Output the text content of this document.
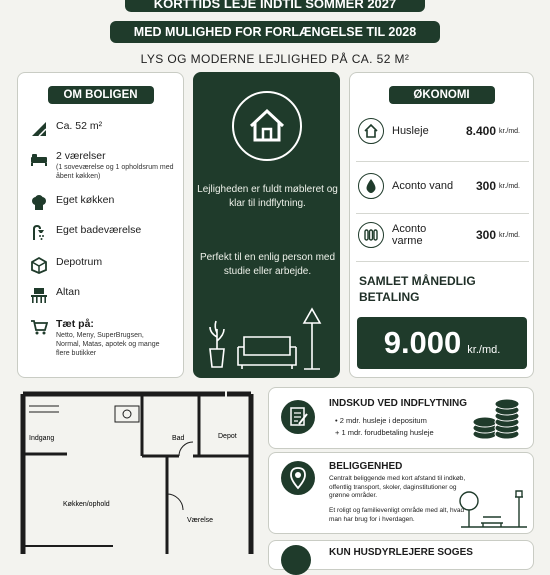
KORTTIDS LEJE INDTIL SOMMER 2027
MED MULIGHED FOR FORLÆNGELSE TIL 2028
LYS OG MODERNE LEJLIGHED PÅ CA. 52 M²
OM BOLIGEN
Ca. 52 m²
2 værelser
(1 soveværelse og 1 opholdsrum med åbent køkken)
Eget køkken
Eget badeværelse
Depotrum
Altan
Tæt på:
Netto, Meny, SuperBrugsen, Normal, Matas, apotek og mange flere butikker
Lejligheden er fuldt møbleret og klar til indflytning.
Perfekt til en enlig person med studie eller arbejde.
ØKONOMI
Husleje	8.400 kr./md.
Aconto vand 300 kr./md.
Aconto varme	300 kr./md.
SAMLET MÅNEDLIG BETALING
9.000 kr./md.
Indgang	Bad	Depot
Køkken/ophold
Værelse
INDSKUD VED INDFLYTNING
• 2 mdr. husleje i depositum
+ 1 mdr. forudbetaling husleje
BELIGGENHED
Centralt beliggende med kort afstand til indkøb, offentlig transport, skoler, daginstitutioner og grønne områder.
Et roligt og familievenligt område med alt, hvad man har brug for i hverdagen.
KUN HUSDYRLEJERE SOGES
